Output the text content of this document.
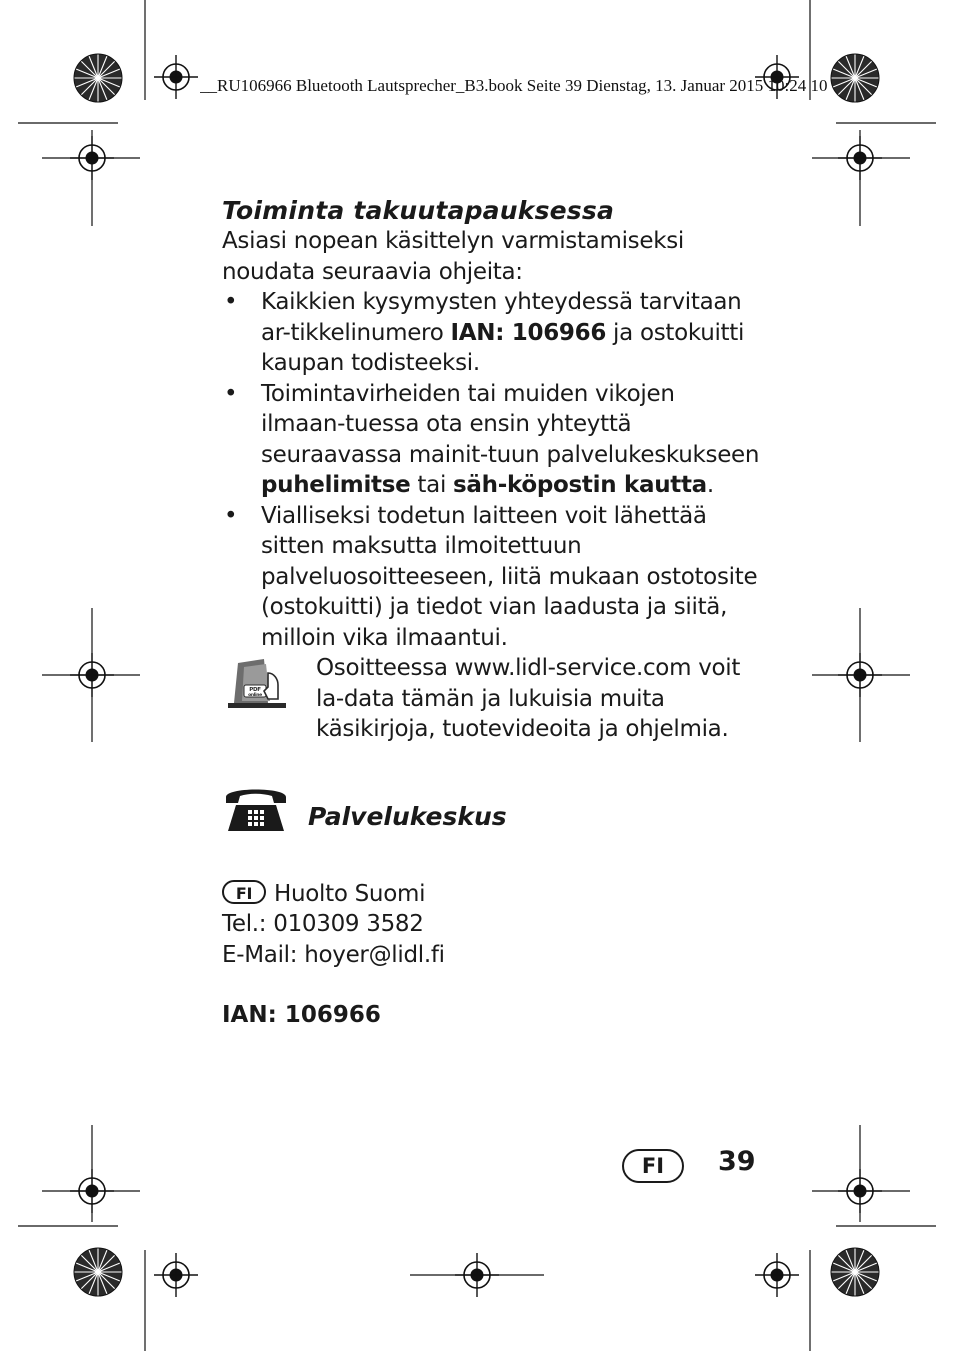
__RU106966 Bluetooth Lautsprecher_B3.book Seite 39 Dienstag, 13. Januar 2015 10:24 10
Toiminta takuutapauksessa

Asiasi nopean käsittelyn varmistamiseksi noudata seuraavia ohjeita:

• Kaikkien kysymysten yhteydessä tarvitaan ar-tikkelinumero IAN: 106966 ja ostokuitti kaupan todisteeksi.
• Toimintavirheiden tai muiden vikojen ilmaan-tuessa ota ensin yhteyttä seuraavassa mainit-tuun palvelukeskukseen puhelimitse tai säh-köpostin kautta.
• Vialliseksi todetun laitteen voit lähettää sitten maksutta ilmoitettuun palveluosoitteeseen, liitä mukaan ostotosite (ostokuitti) ja tiedot vian laadusta ja siitä, milloin vika ilmaantui.
PDF
online
Osoitteessa www.lidl-service.com voit la-data tämän ja lukuisia muita käsikirjoja, tuotevideoita ja ohjelmia.
Palvelukeskus
FI Huolto Suomi
Tel.: 010309 3582
E-Mail: hoyer@lidl.fi
IAN: 106966
FI	39
